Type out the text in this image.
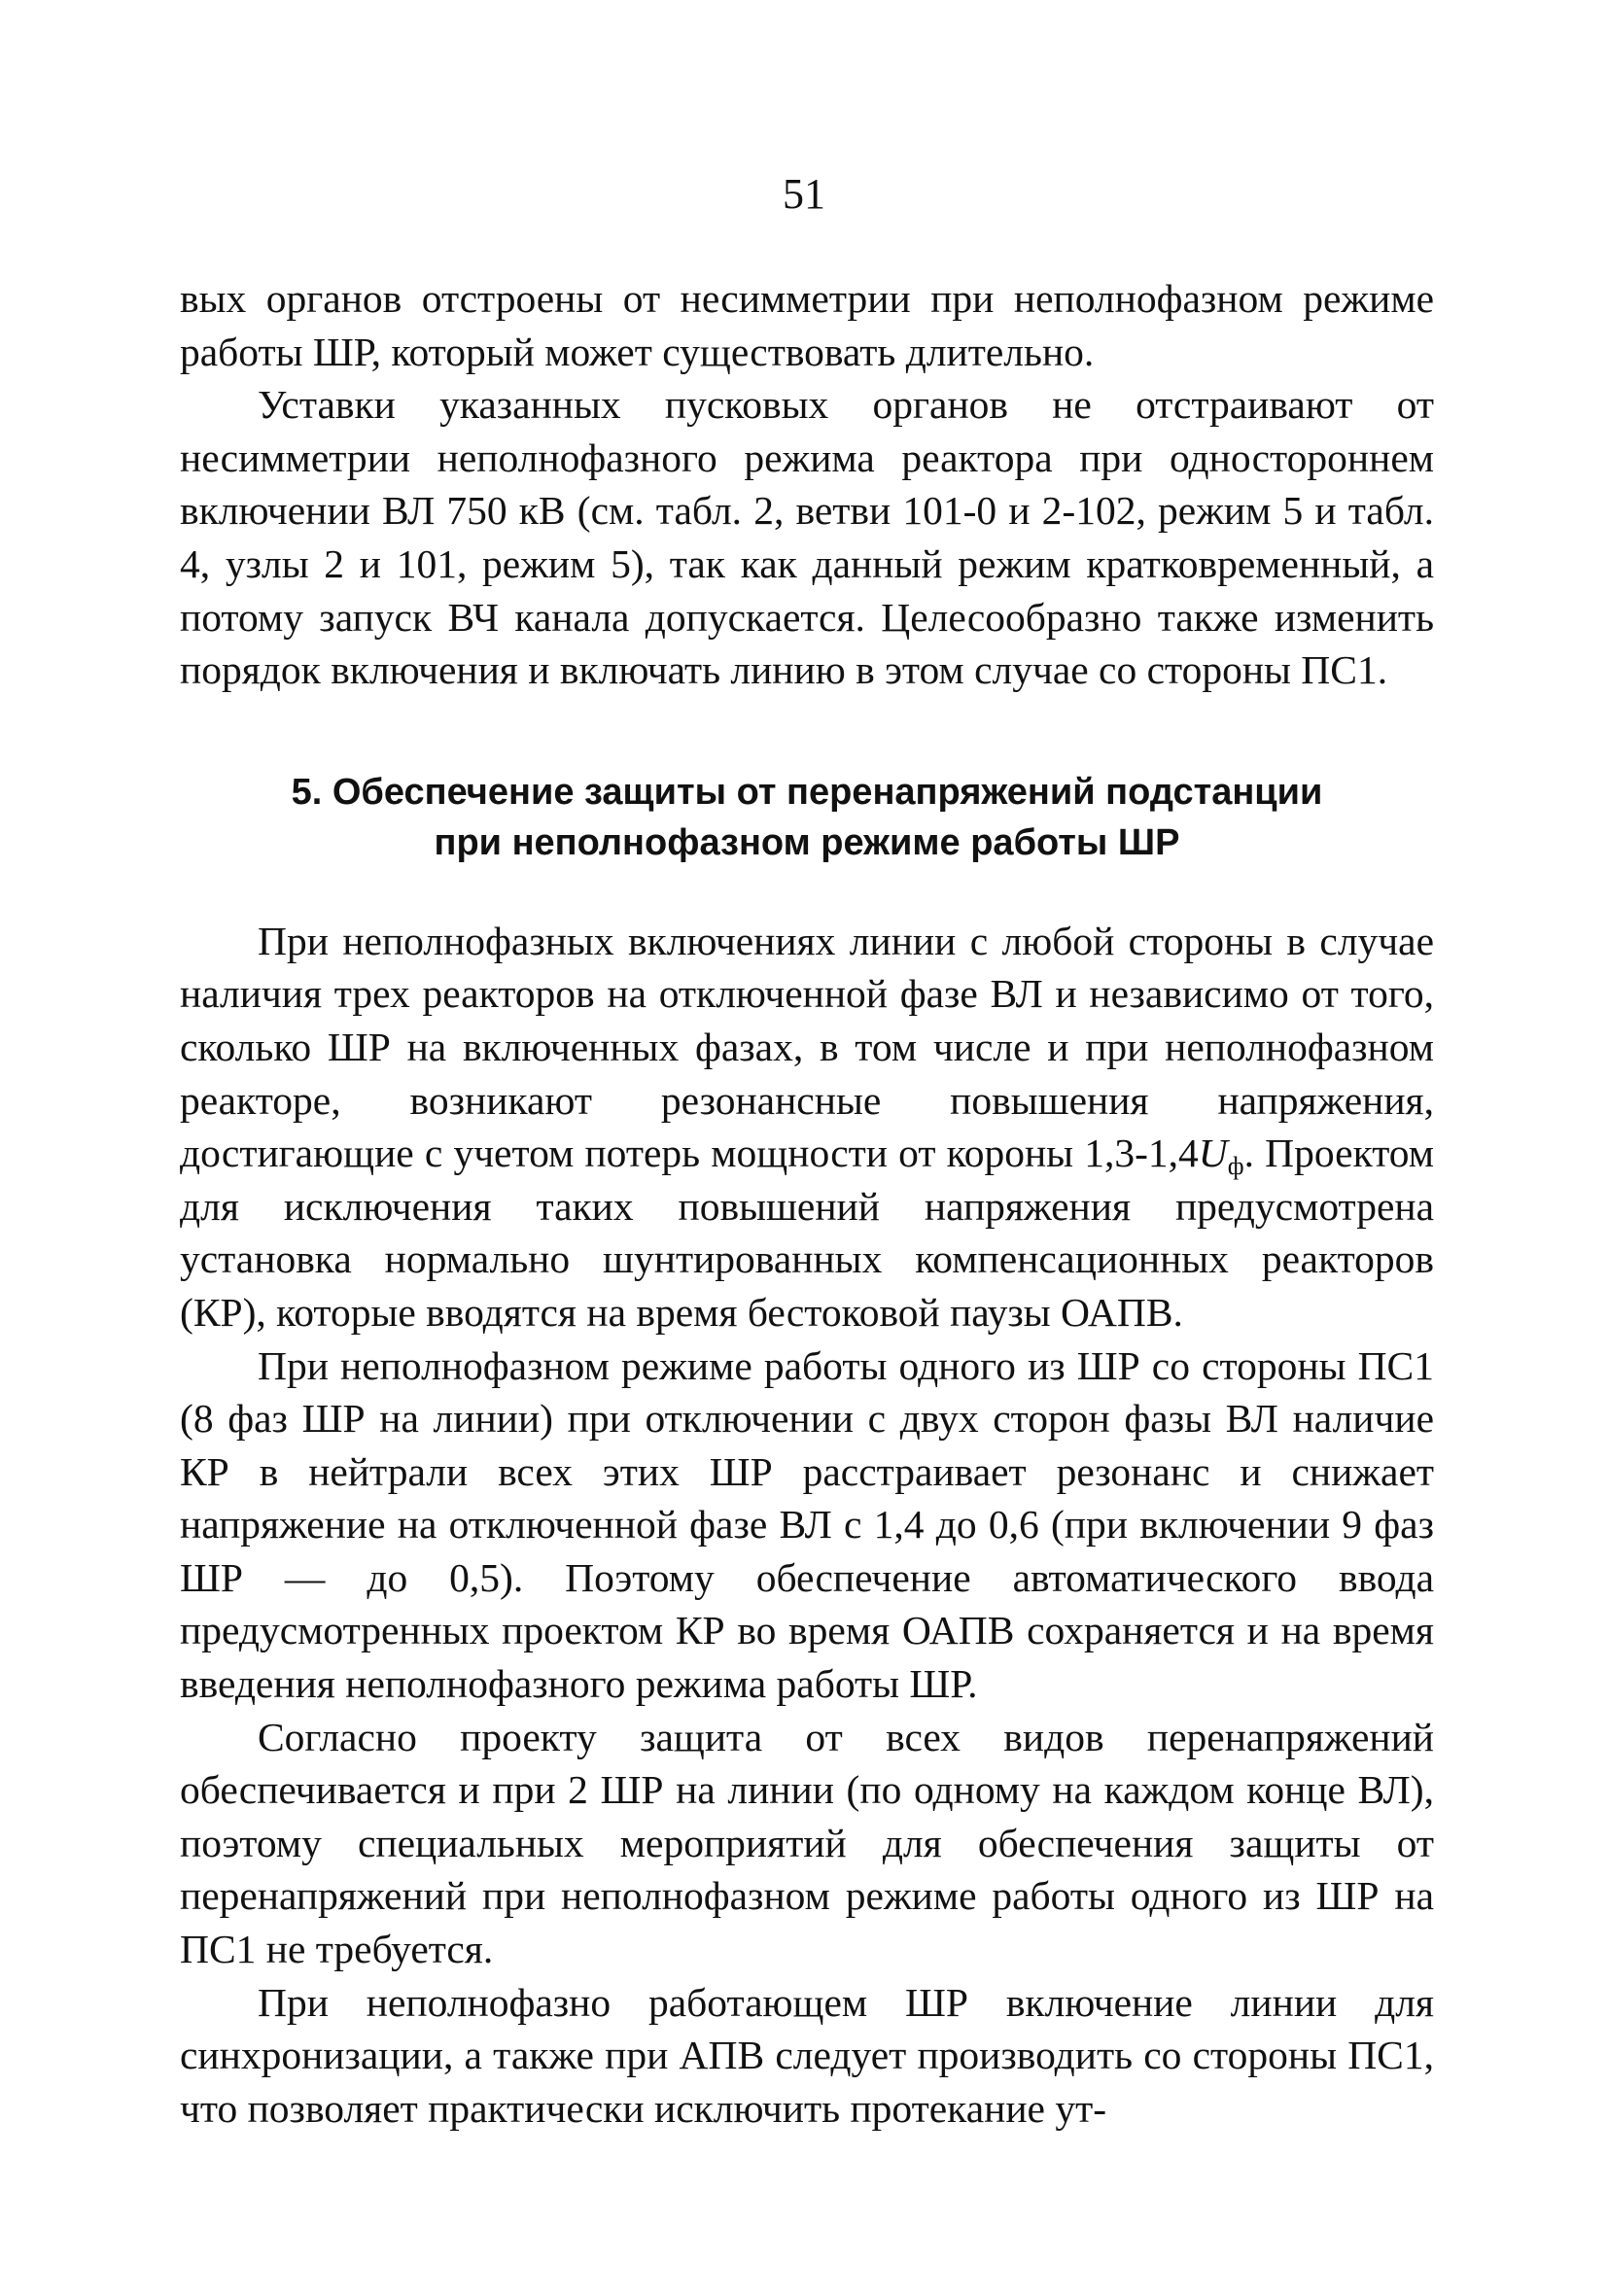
51

вых органов отстроены от несимметрии при неполнофазном режиме работы ШР, который может существовать длительно.

Уставки указанных пусковых органов не отстраивают от несимметрии неполнофазного режима реактора при одностороннем включении ВЛ 750 кВ (см. табл. 2, ветви 101-0 и 2-102, режим 5 и табл. 4, узлы 2 и 101, режим 5), так как данный режим кратковременный, а потому запуск ВЧ канала допускается. Целесообразно также изменить порядок включения и включать линию в этом случае со стороны ПС1.

5. Обеспечение защиты от перенапряжений подстанции
при неполнофазном режиме работы ШР

При неполнофазных включениях линии с любой стороны в случае наличия трех реакторов на отключенной фазе ВЛ и независимо от того, сколько ШР на включенных фазах, в том числе и при неполнофазном реакторе, возникают резонансные повышения напряжения, достигающие с учетом потерь мощности от короны $1,3-1,4U_ф$. Проектом для исключения таких повышений напряжения предусмотрена установка нормально шунтированных компенсационных реакторов (КР), которые вводятся на время бестоковой паузы ОАПВ.

При неполнофазном режиме работы одного из ШР со стороны ПС1 (8 фаз ШР на линии) при отключении с двух сторон фазы ВЛ наличие КР в нейтрали всех этих ШР расстраивает резонанс и снижает напряжение на отключенной фазе ВЛ с 1,4 до 0,6 (при включении 9 фаз ШР — до 0,5). Поэтому обеспечение автоматического ввода предусмотренных проектом КР во время ОАПВ сохраняется и на время введения неполнофазного режима работы ШР.

Согласно проекту защита от всех видов перенапряжений обеспечивается и при 2 ШР на линии (по одному на каждом конце ВЛ), поэтому специальных мероприятий для обеспечения защиты от перенапряжений при неполнофазном режиме работы одного из ШР на ПС1 не требуется.

При неполнофазно работающем ШР включение линии для синхронизации, а также при АПВ следует производить со стороны ПС1, что позволяет практически исключить протекание ут-
